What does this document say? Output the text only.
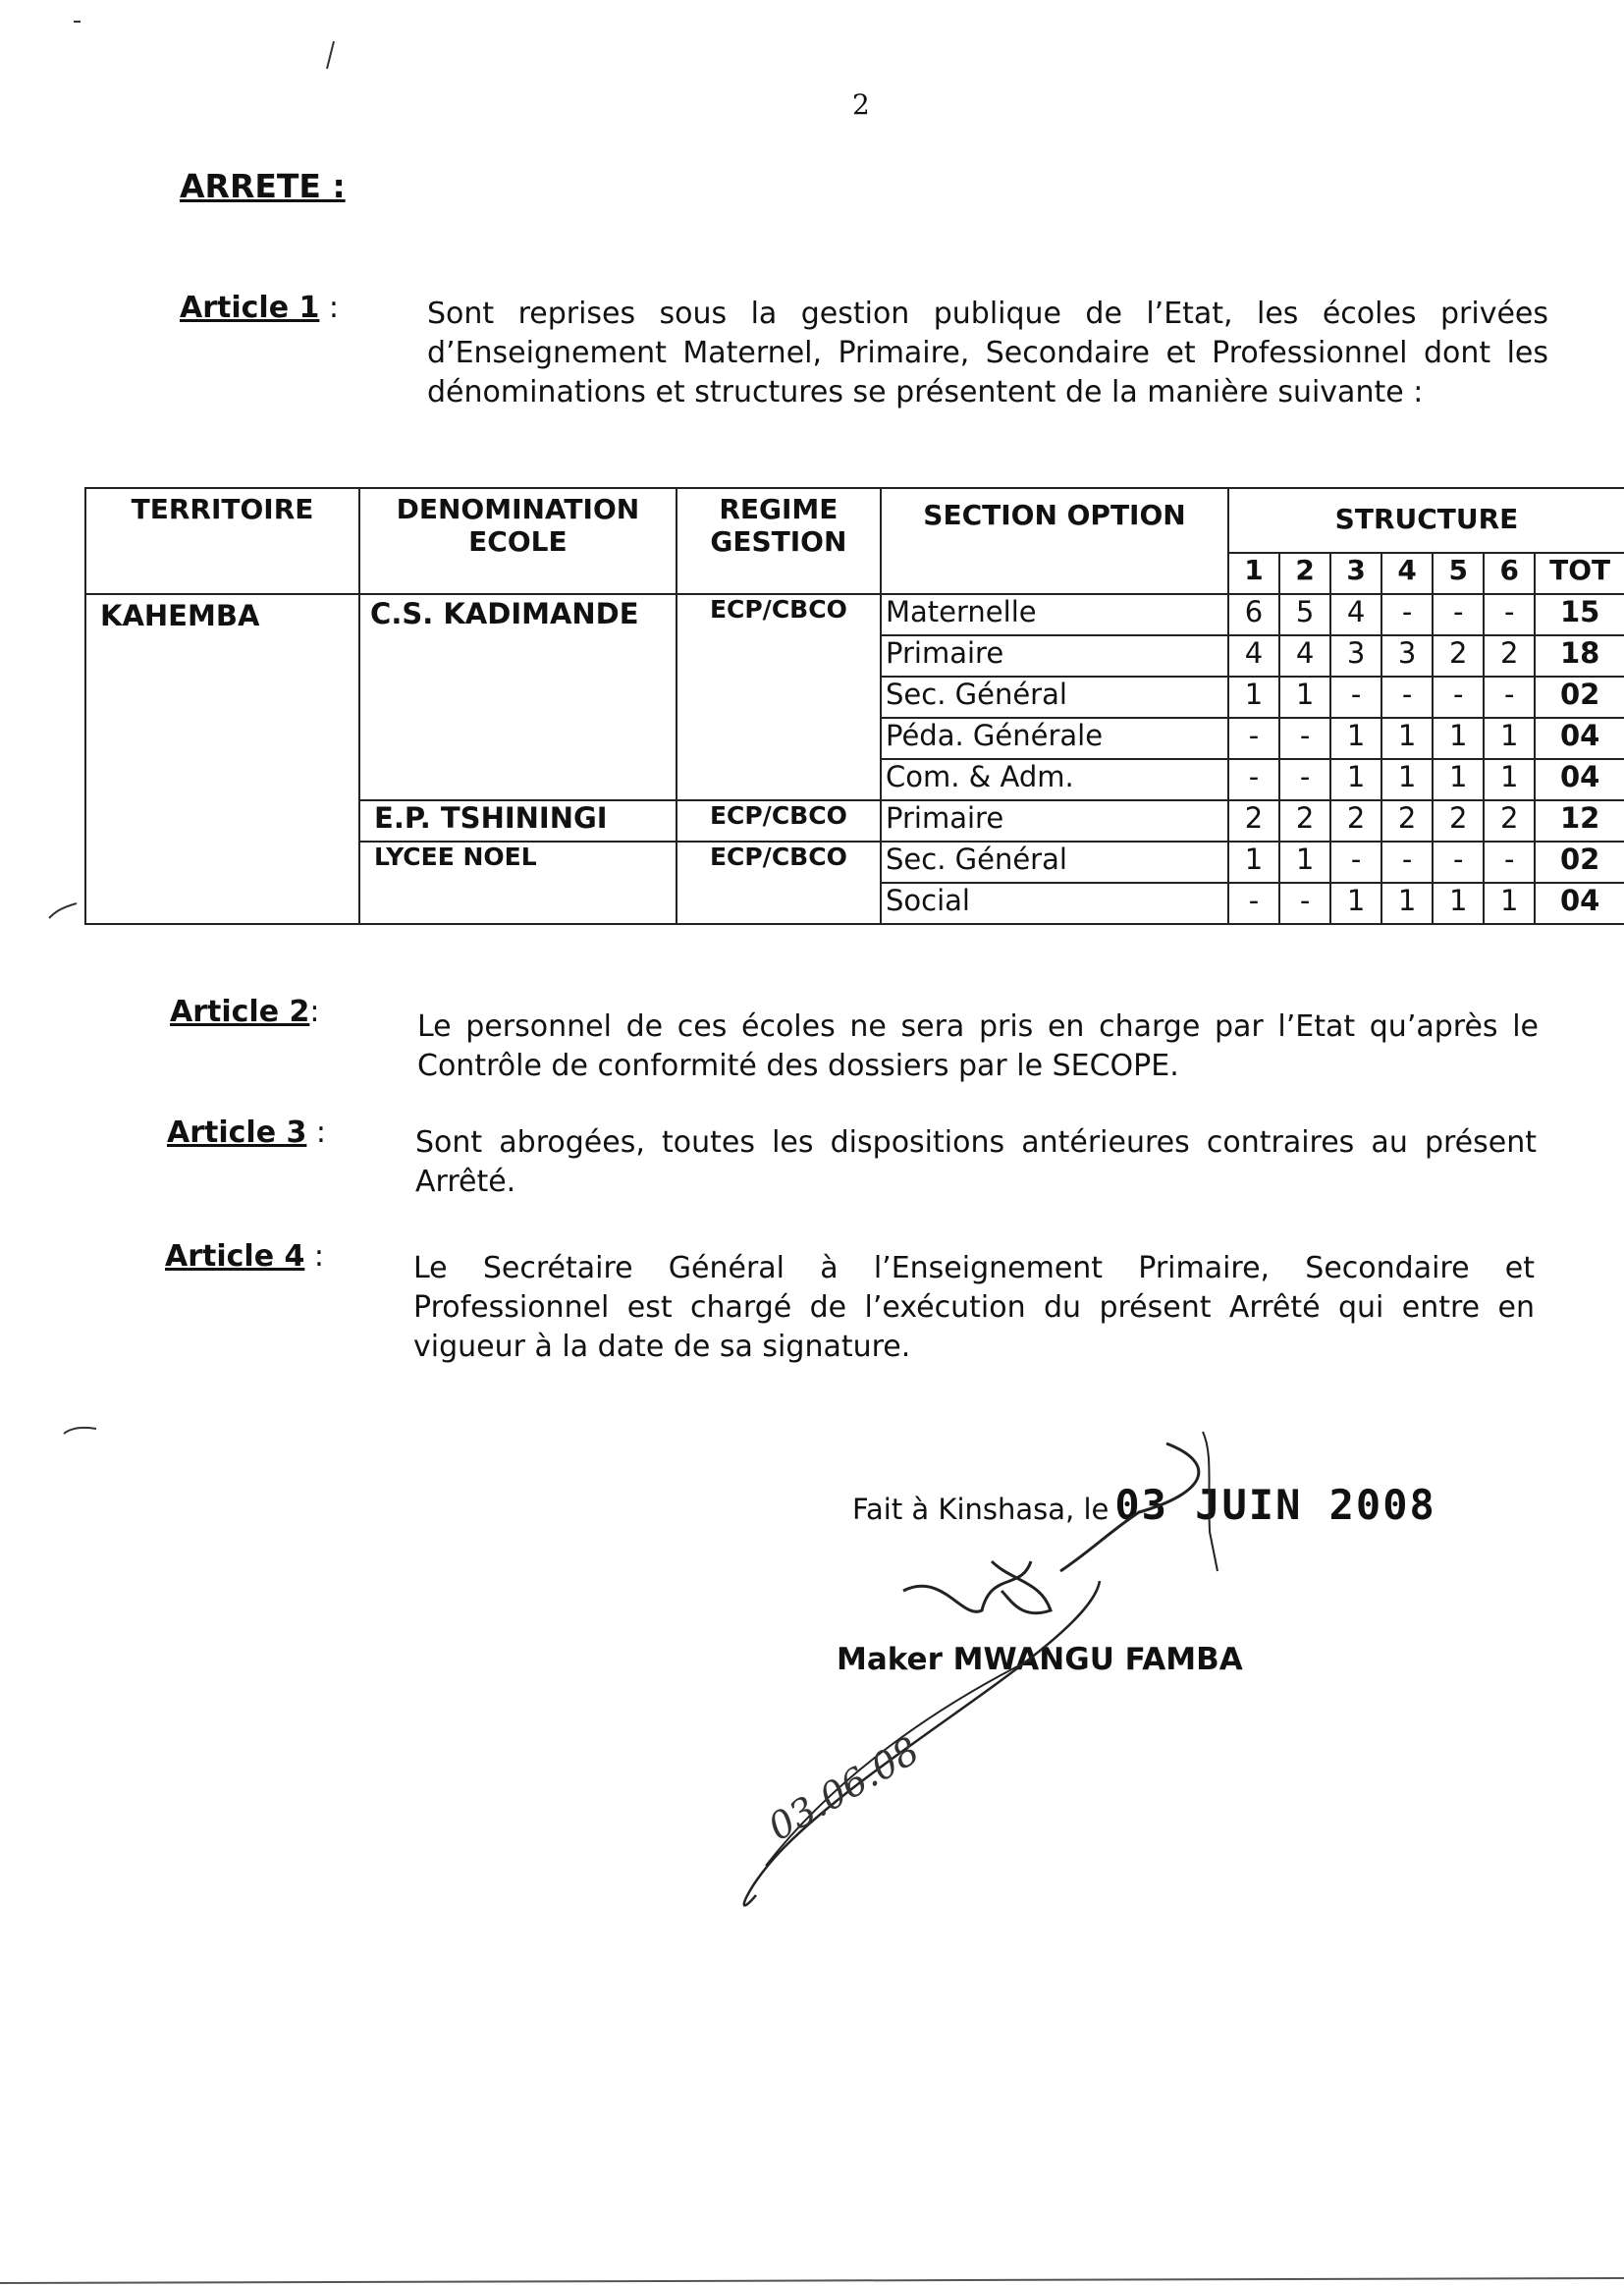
2
ARRETE :
Article 1 :	Sont reprises sous la gestion publique de l’Etat, les écoles privées d’Enseignement Maternel, Primaire, Secondaire et Professionnel dont les dénominations et structures se présentent de la manière suivante :
TERRITOIRE	DENOMINATION ECOLE	REGIME GESTION	SECTION OPTION	STRUCTURE						
				1	2	3	4	5	6	TOT
KAHEMBA	C.S. KADIMANDE	ECP/CBCO	Maternelle	6	5	4	-	-	-	15
			Primaire	4	4	3	3	2	2	18
			Sec. Général	1	1	-	-	-	-	02
			Péda. Générale	-	-	1	1	1	1	04
			Com. & Adm.	-	-	1	1	1	1	04
	E.P. TSHININGI	ECP/CBCO	Primaire	2	2	2	2	2	2	12
	LYCEE NOEL	ECP/CBCO	Sec. Général	1	1	-	-	-	-	02
			Social	-	-	1	1	1	1	04
Article 2:	Le personnel de ces écoles ne sera pris en charge par l’Etat qu’après le Contrôle de conformité des dossiers par le SECOPE.
Article 3 :	Sont abrogées, toutes les dispositions antérieures contraires au présent Arrêté.
Article 4 :	Le Secrétaire Général à l’Enseignement Primaire, Secondaire et Professionnel est chargé de l’exécution du présent Arrêté qui entre en vigueur à la date de sa signature.
Fait à Kinshasa, le 03 JUIN 2008
Maker MWANGU FAMBA
03.06.08
